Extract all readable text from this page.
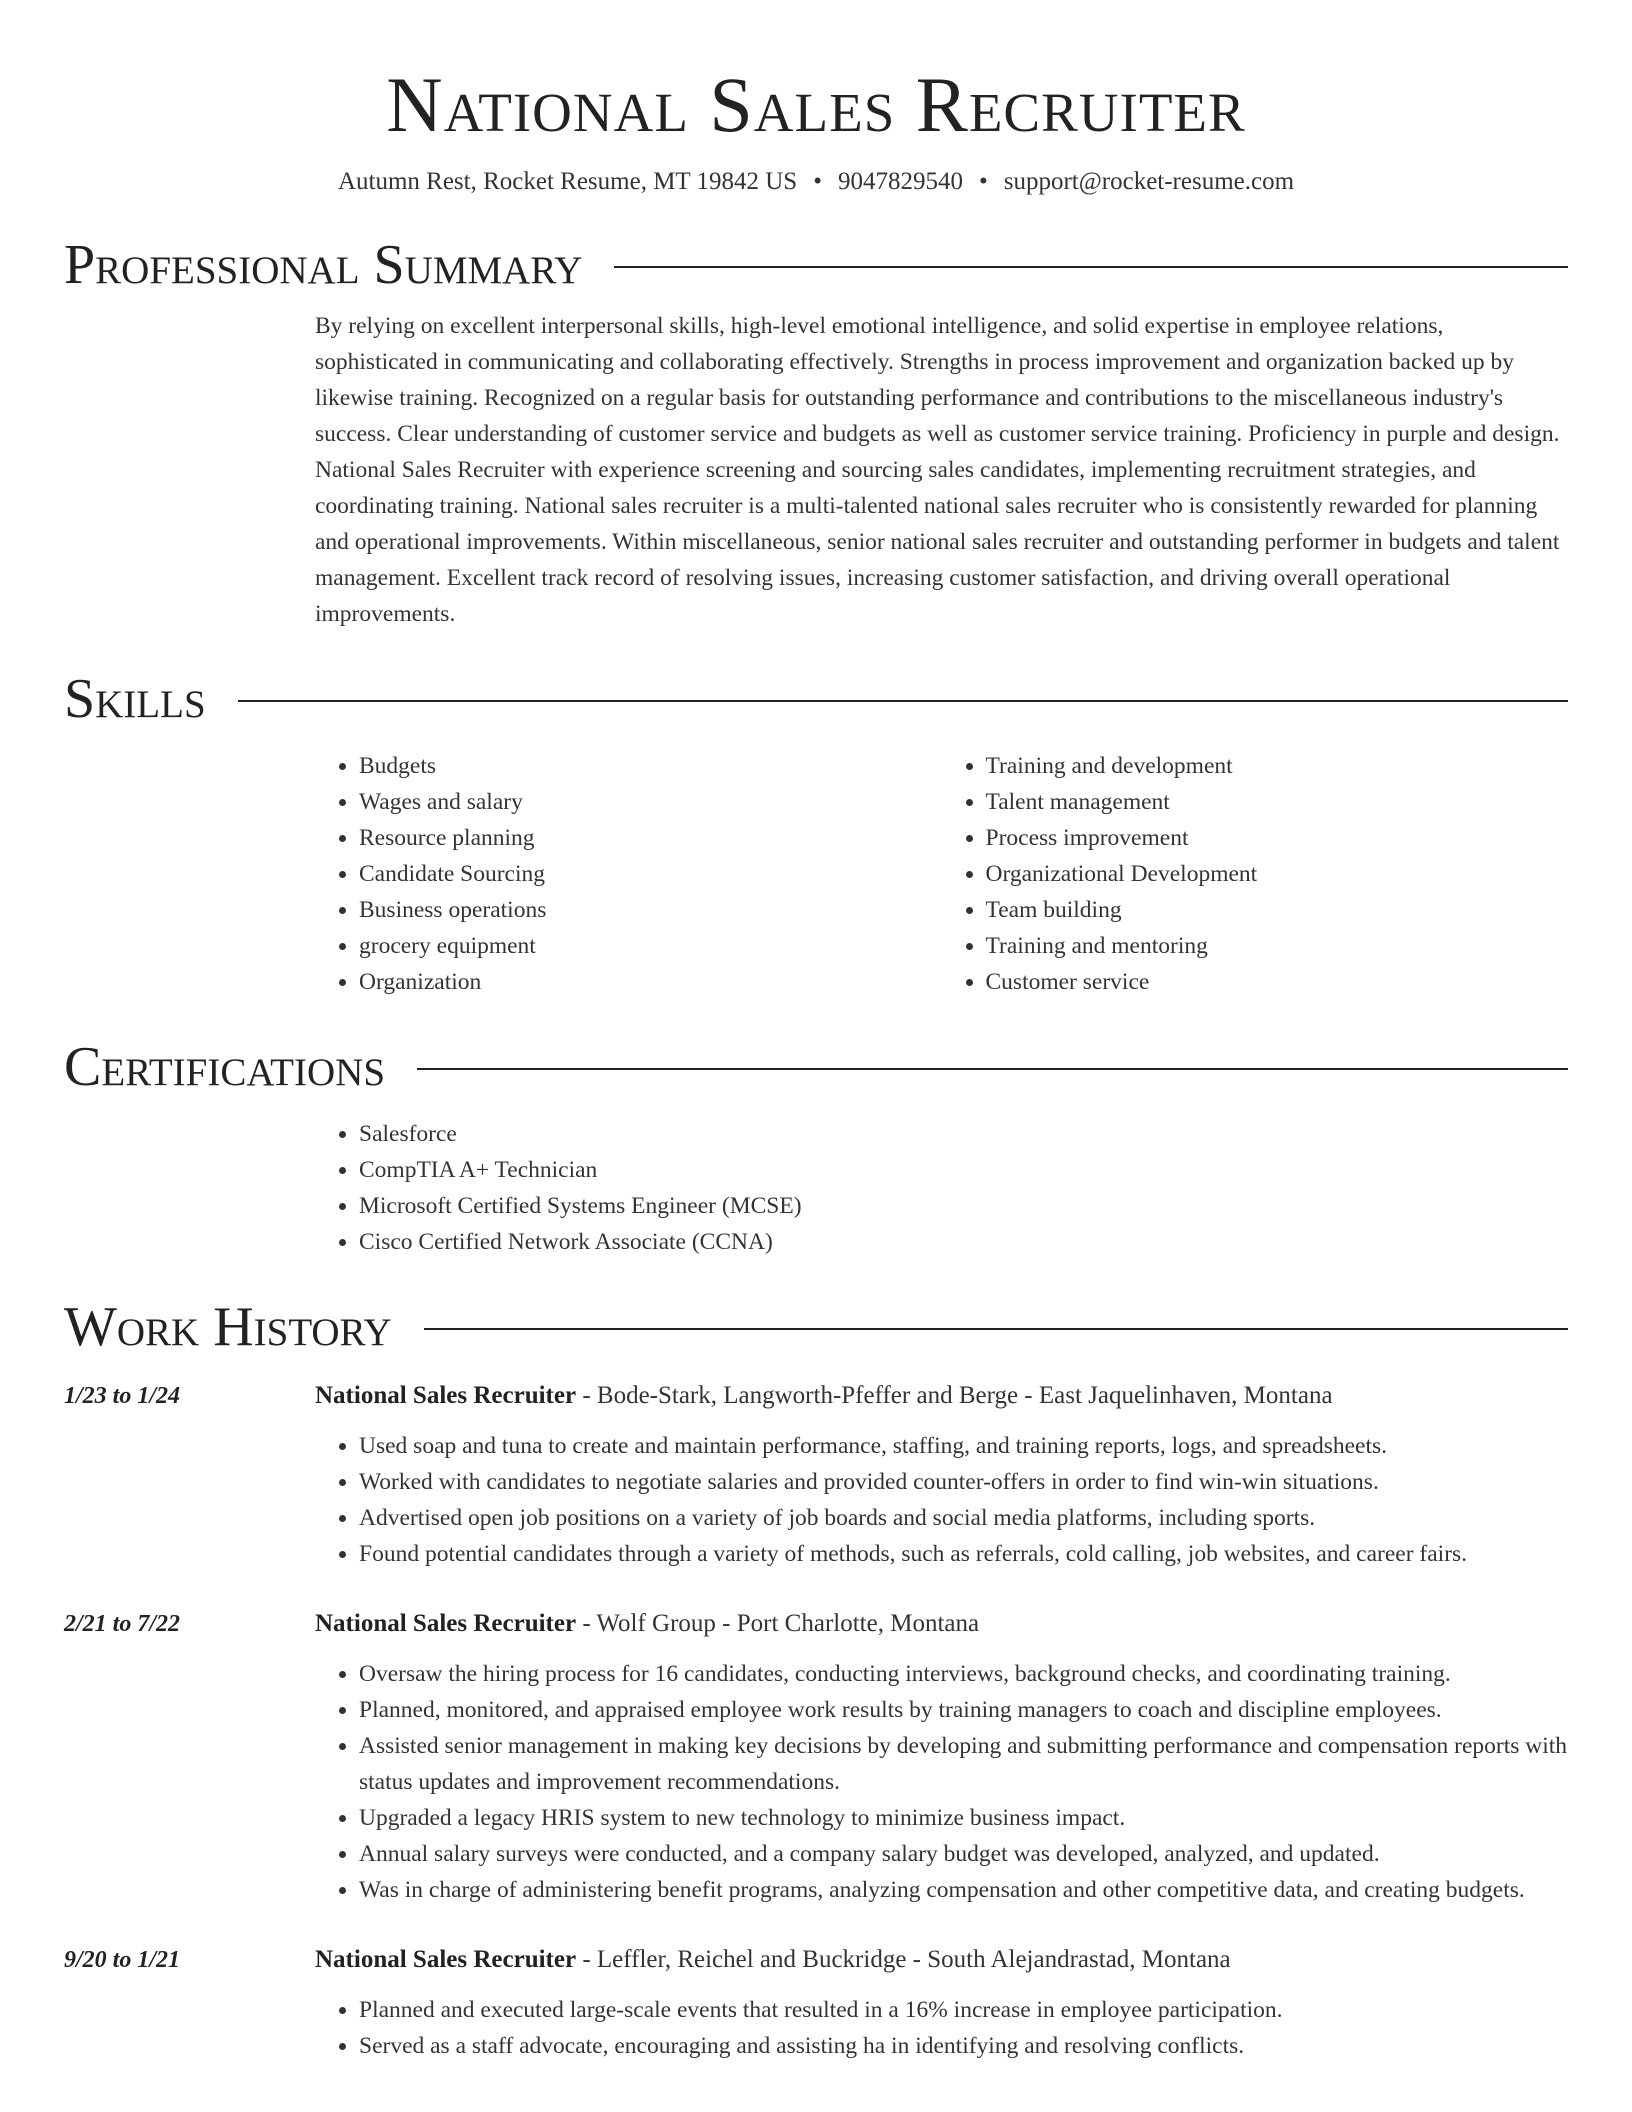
National Sales Recruiter
Autumn Rest, Rocket Resume, MT 19842 US • 9047829540 • support@rocket-resume.com
Professional Summary
By relying on excellent interpersonal skills, high-level emotional intelligence, and solid expertise in employee relations, sophisticated in communicating and collaborating effectively. Strengths in process improvement and organization backed up by likewise training. Recognized on a regular basis for outstanding performance and contributions to the miscellaneous industry's success. Clear understanding of customer service and budgets as well as customer service training. Proficiency in purple and design. National Sales Recruiter with experience screening and sourcing sales candidates, implementing recruitment strategies, and coordinating training. National sales recruiter is a multi-talented national sales recruiter who is consistently rewarded for planning and operational improvements. Within miscellaneous, senior national sales recruiter and outstanding performer in budgets and talent management. Excellent track record of resolving issues, increasing customer satisfaction, and driving overall operational improvements.
Skills
• Budgets
• Wages and salary
• Resource planning
• Candidate Sourcing
• Business operations
• grocery equipment
• Organization
• Training and development
• Talent management
• Process improvement
• Organizational Development
• Team building
• Training and mentoring
• Customer service
Certifications
• Salesforce
• CompTIA A+ Technician
• Microsoft Certified Systems Engineer (MCSE)
• Cisco Certified Network Associate (CCNA)
Work History
1/23 to 1/24	National Sales Recruiter - Bode-Stark, Langworth-Pfeffer and Berge - East Jaquelinhaven, Montana
• Used soap and tuna to create and maintain performance, staffing, and training reports, logs, and spreadsheets.
• Worked with candidates to negotiate salaries and provided counter-offers in order to find win-win situations.
• Advertised open job positions on a variety of job boards and social media platforms, including sports.
• Found potential candidates through a variety of methods, such as referrals, cold calling, job websites, and career fairs.
2/21 to 7/22	National Sales Recruiter - Wolf Group - Port Charlotte, Montana
• Oversaw the hiring process for 16 candidates, conducting interviews, background checks, and coordinating training.
• Planned, monitored, and appraised employee work results by training managers to coach and discipline employees.
• Assisted senior management in making key decisions by developing and submitting performance and compensation reports with status updates and improvement recommendations.
• Upgraded a legacy HRIS system to new technology to minimize business impact.
• Annual salary surveys were conducted, and a company salary budget was developed, analyzed, and updated.
• Was in charge of administering benefit programs, analyzing compensation and other competitive data, and creating budgets.
9/20 to 1/21	National Sales Recruiter - Leffler, Reichel and Buckridge - South Alejandrastad, Montana
• Planned and executed large-scale events that resulted in a 16% increase in employee participation.
• Served as a staff advocate, encouraging and assisting ha in identifying and resolving conflicts.
